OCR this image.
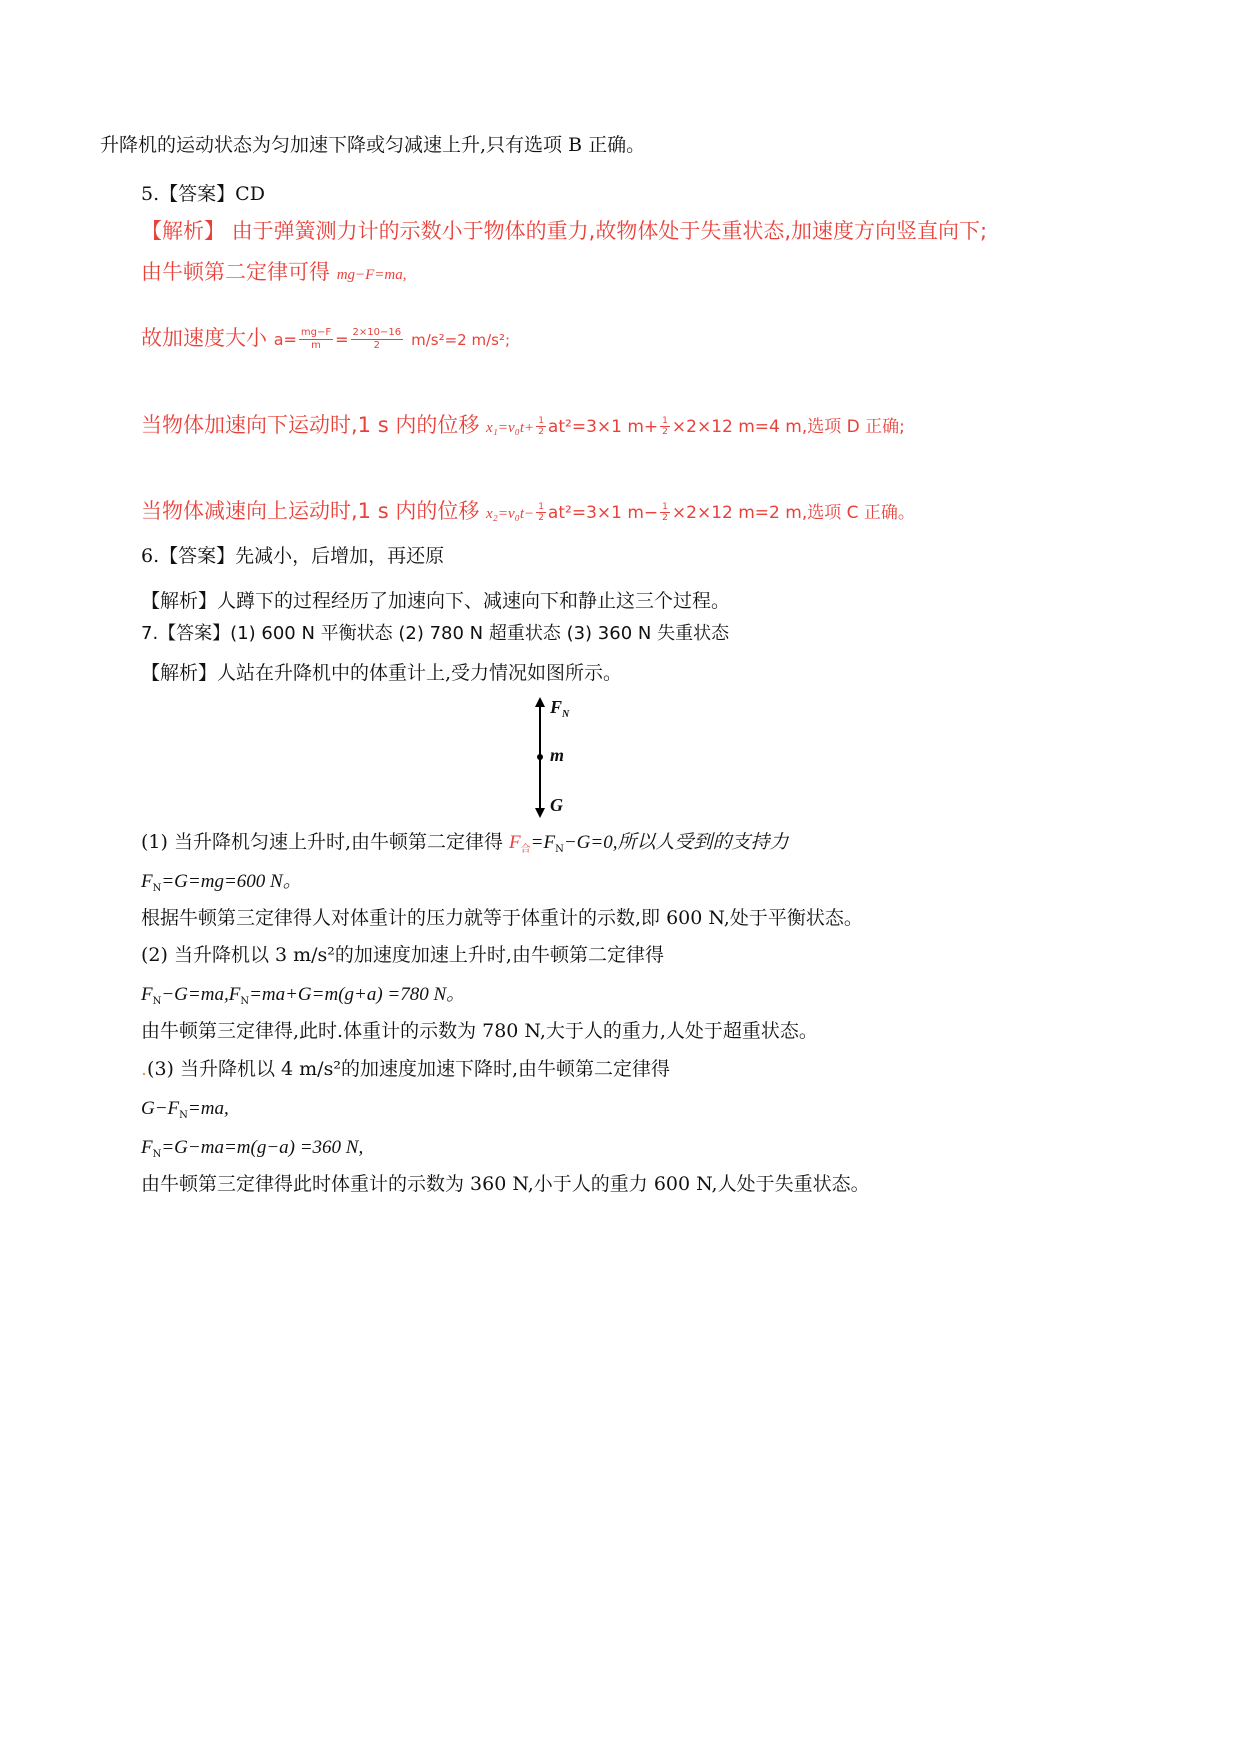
升降机的运动状态为匀加速下降或匀减速上升,只有选项 B 正确。
5.【答案】CD
【解析】 由于弹簧测力计的示数小于物体的重力,故物体处于失重状态,加速度方向竖直向下;
由牛顿第二定律可得 mg−F=ma,
故加速度大小 $a= \frac{mg-F}{m} = \frac{2\times 10-16}{2} m/s^2=2$ m/s²;
当物体加速向下运动时,1 s 内的位移 $x_1=v_0t+ \frac{1}{2} at^2=3\times 1$ $m+ \frac{1}{2} \times 2\times 12$ m=4 m,选项 D 正确;
当物体减速向上运动时,1 s 内的位移 $x_2=v_0t- \frac{1}{2} at^2=3\times 1$ $m- \frac{1}{2} \times 2\times 12$ m=2 m,选项 C 正确。
6.【答案】先减小，后增加，再还原
【解析】人蹲下的过程经历了加速向下、减速向下和静止这三个过程。
7.【答案】(1) 600 N 平衡状态 (2) 780 N 超重状态 (3) 360 N 失重状态
【解析】人站在升降机中的体重计上,受力情况如图所示。
$F_N$
m
G
(1) 当升降机匀速上升时,由牛顿第二定律得 $F_合=F_N-G=0$,所以人受到的支持力
$F_N=G=mg=600$ N。
根据牛顿第三定律得人对体重计的压力就等于体重计的示数,即 600 N,处于平衡状态。
(2) 当升降机以 3 m/s²的加速度加速上升时,由牛顿第二定律得
$F_N-G=ma,F_N=ma+G=m(g+a) =780$ N。
由牛顿第三定律得,此时.体重计的示数为 780 N,大于人的重力,人处于超重状态。
.(3) 当升降机以 4 m/s²的加速度加速下降时,由牛顿第二定律得
$G-F_N=ma$,
$F_N=G-ma=m(g-a) =360$ N,
由牛顿第三定律得此时体重计的示数为 360 N,小于人的重力 600 N,人处于失重状态。
